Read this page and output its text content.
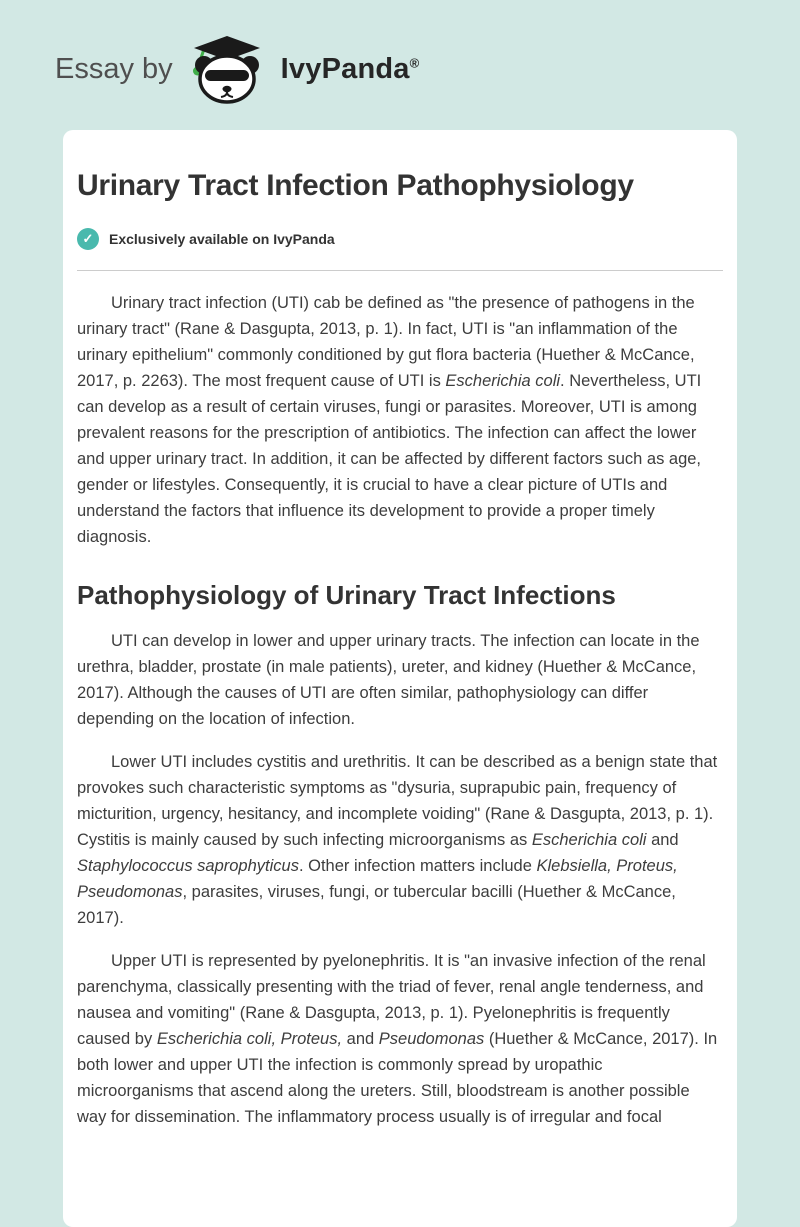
Essay by	IvyPanda®
Urinary Tract Infection Pathophysiology
✓	Exclusively available on IvyPanda

Urinary tract infection (UTI) cab be defined as "the presence of pathogens in the urinary tract" (Rane & Dasgupta, 2013, p. 1). In fact, UTI is "an inflammation of the urinary epithelium" commonly conditioned by gut flora bacteria (Huether & McCance, 2017, p. 2263). The most frequent cause of UTI is Escherichia coli. Nevertheless, UTI can develop as a result of certain viruses, fungi or parasites. Moreover, UTI is among prevalent reasons for the prescription of antibiotics. The infection can affect the lower and upper urinary tract. In addition, it can be affected by different factors such as age, gender or lifestyles. Consequently, it is crucial to have a clear picture of UTIs and understand the factors that influence its development to provide a proper timely diagnosis.

Pathophysiology of Urinary Tract Infections

UTI can develop in lower and upper urinary tracts. The infection can locate in the urethra, bladder, prostate (in male patients), ureter, and kidney (Huether & McCance, 2017). Although the causes of UTI are often similar, pathophysiology can differ depending on the location of infection.

Lower UTI includes cystitis and urethritis. It can be described as a benign state that provokes such characteristic symptoms as "dysuria, suprapubic pain, frequency of micturition, urgency, hesitancy, and incomplete voiding" (Rane & Dasgupta, 2013, p. 1). Cystitis is mainly caused by such infecting microorganisms as Escherichia coli and Staphylococcus saprophyticus. Other infection matters include Klebsiella, Proteus, Pseudomonas, parasites, viruses, fungi, or tubercular bacilli (Huether & McCance, 2017).

Upper UTI is represented by pyelonephritis. It is "an invasive infection of the renal parenchyma, classically presenting with the triad of fever, renal angle tenderness, and nausea and vomiting" (Rane & Dasgupta, 2013, p. 1). Pyelonephritis is frequently caused by Escherichia coli, Proteus, and Pseudomonas (Huether & McCance, 2017). In both lower and upper UTI the infection is commonly spread by uropathic microorganisms that ascend along the ureters. Still, bloodstream is another possible way for dissemination. The inflammatory process usually is of irregular and focal
